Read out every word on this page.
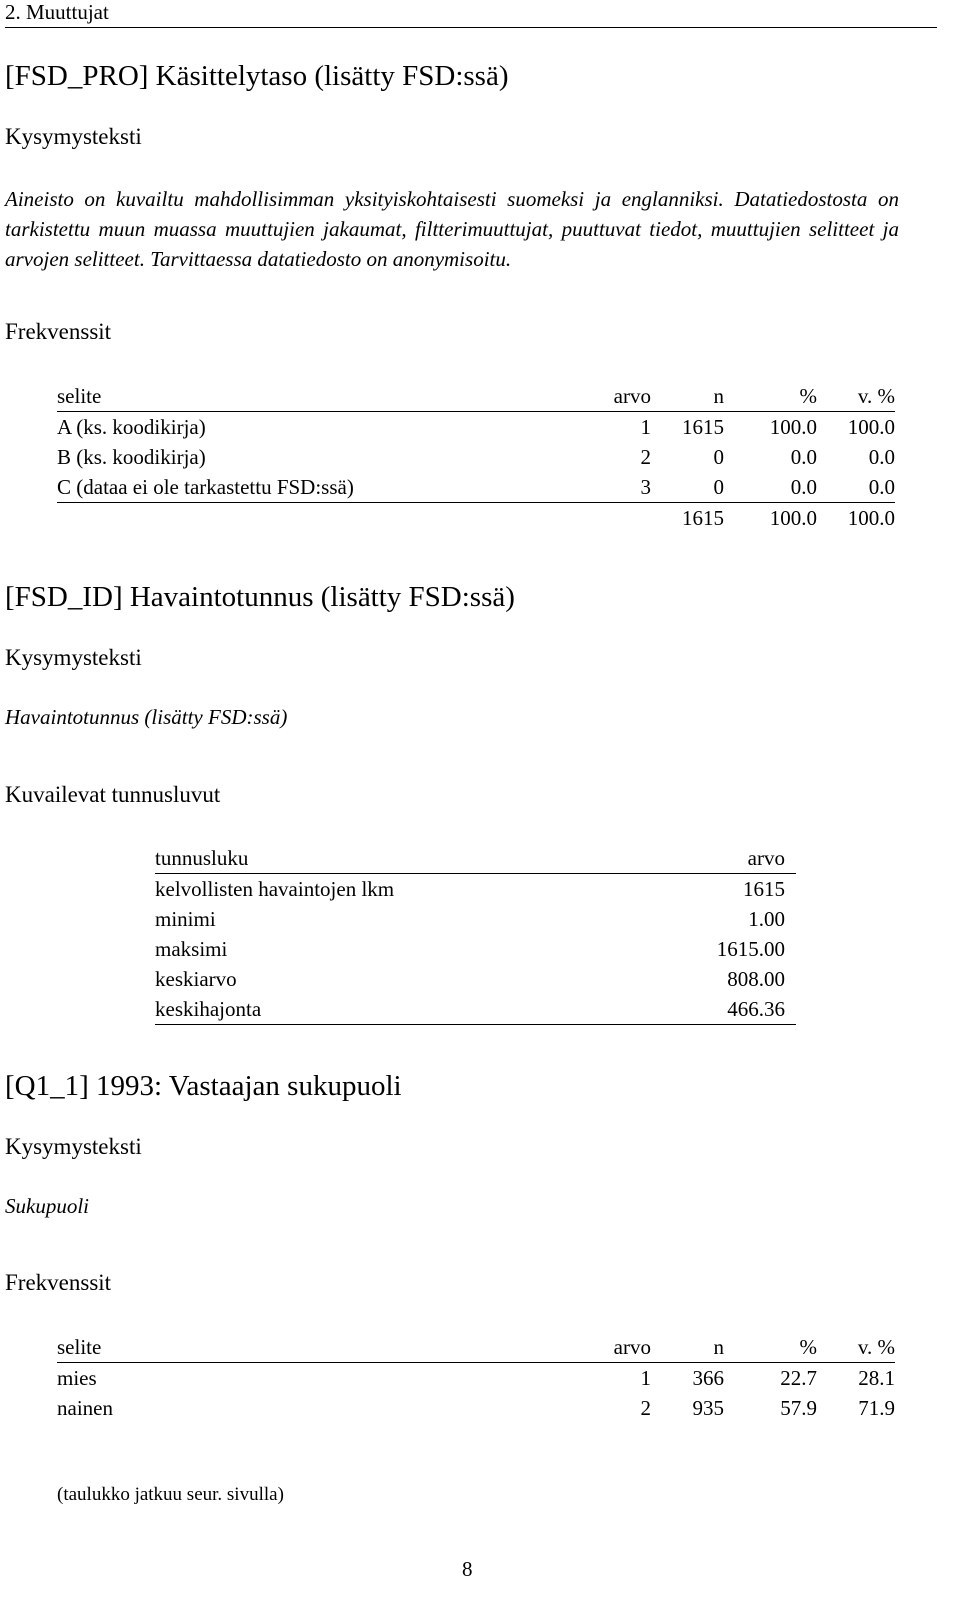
2. Muuttujat
[FSD_PRO] Käsittelytaso (lisätty FSD:ssä)
Kysymysteksti
Aineisto on kuvailtu mahdollisimman yksityiskohtaisesti suomeksi ja englanniksi. Datatiedostosta on tarkistettu muun muassa muuttujien jakaumat, filtterimuuttujat, puuttuvat tiedot, muuttujien selitteet ja arvojen selitteet. Tarvittaessa datatiedosto on anonymisoitu.
Frekvenssit
selite	arvo	n	%	v. %
A (ks. koodikirja)	1	1615	100.0	100.0
B (ks. koodikirja)	2	0	0.0	0.0
C (dataa ei ole tarkastettu FSD:ssä)	3	0	0.0	0.0
		1615	100.0	100.0
[FSD_ID] Havaintotunnus (lisätty FSD:ssä)
Kysymysteksti
Havaintotunnus (lisätty FSD:ssä)
Kuvailevat tunnusluvut
tunnusluku	arvo
kelvollisten havaintojen lkm	1615
minimi	1.00
maksimi	1615.00
keskiarvo	808.00
keskihajonta	466.36
[Q1_1] 1993: Vastaajan sukupuoli
Kysymysteksti
Sukupuoli
Frekvenssit
selite	arvo	n	%	v. %
mies	1	366	22.7	28.1
nainen	2	935	57.9	71.9
(taulukko jatkuu seur. sivulla)
8
